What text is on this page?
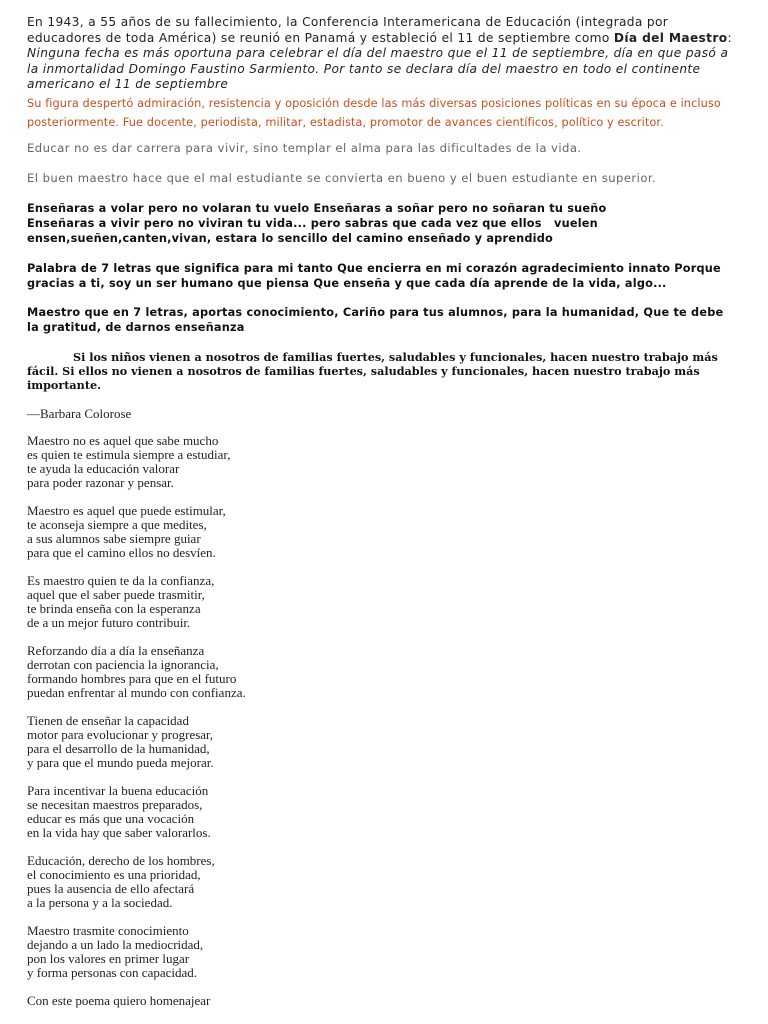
En 1943, a 55 años de su fallecimiento, la Conferencia Interamericana de Educación (integrada por educadores de toda América) se reunió en Panamá y estableció el 11 de septiembre como Día del Maestro: Ninguna fecha es más oportuna para celebrar el día del maestro que el 11 de septiembre, día en que pasó a la inmortalidad Domingo Faustino Sarmiento. Por tanto se declara día del maestro en todo el continente americano el 11 de septiembre
Su figura despertó admiración, resistencia y oposición desde las más diversas posiciones políticas en su época e incluso posteriormente. Fue docente, periodista, militar, estadista, promotor de avances científicos, político y escritor.
Educar no es dar carrera para vivir, sino templar el alma para las dificultades de la vida.
El buen maestro hace que el mal estudiante se convierta en bueno y el buen estudiante en superior.
Enseñaras a volar pero no volaran tu vuelo Enseñaras a soñar pero no soñaran tu sueño
Enseñaras a vivir pero no viviran tu vida... pero sabras que cada vez que ellos   vuelen
ensen,sueñen,canten,vivan, estara lo sencillo del camino enseñado y aprendido
Palabra de 7 letras que significa para mi tanto Que encierra en mi corazón agradecimiento innato Porque gracias a ti, soy un ser humano que piensa Que enseña y que cada día aprende de la vida, algo...
Maestro que en 7 letras, aportas conocimiento, Cariño para tus alumnos, para la humanidad, Que te debe la gratitud, de darnos enseñanza
Si los niños vienen a nosotros de familias fuertes, saludables y funcionales, hacen nuestro trabajo más fácil. Si ellos no vienen a nosotros de familias fuertes, saludables y funcionales, hacen nuestro trabajo más importante.
—Barbara Colorose
Maestro no es aquel que sabe mucho
es quien te estimula siempre a estudiar,
te ayuda la educación valorar
para poder razonar y pensar.
Maestro es aquel que puede estimular,
te aconseja siempre a que medites,
a sus alumnos sabe siempre guiar
para que el camino ellos no desvíen.
Es maestro quien te da la confianza,
aquel que el saber puede trasmitir,
te brinda enseña con la esperanza
de a un mejor futuro contribuir.
Reforzando día a día la enseñanza
derrotan con paciencia la ignorancia,
formando hombres para que en el futuro
puedan enfrentar al mundo con confianza.
Tienen de enseñar la capacidad
motor para evolucionar y progresar,
para el desarrollo de la humanidad,
y para que el mundo pueda mejorar.
Para incentivar la buena educación
se necesitan maestros preparados,
educar es más que una vocación
en la vida hay que saber valorarlos.
Educación, derecho de los hombres,
el conocimiento es una prioridad,
pues la ausencia de ello afectará
a la persona y a la sociedad.
Maestro trasmite conocimiento
dejando a un lado la mediocridad,
pon los valores en primer lugar
y forma personas con capacidad.
Con este poema quiero homenajear
